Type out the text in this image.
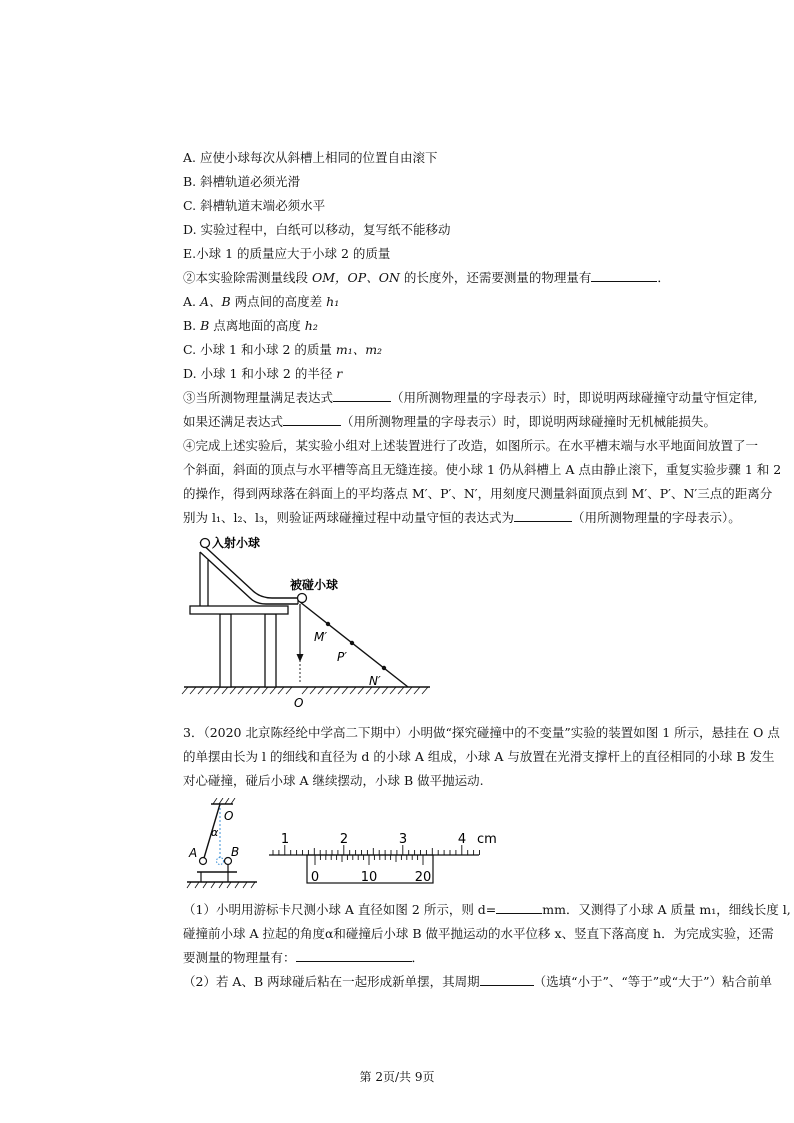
A. 应使小球每次从斜槽上相同的位置自由滚下
B. 斜槽轨道必须光滑
C. 斜槽轨道末端必须水平
D. 实验过程中，白纸可以移动，复写纸不能移动
E.小球 1 的质量应大于小球 2 的质量
②本实验除需测量线段 OM，OP、ON 的长度外，还需要测量的物理量有	．
A. A、B 两点间的高度差 h₁
B. B 点离地面的高度 h₂
C. 小球 1 和小球 2 的质量 m₁、m₂
D. 小球 1 和小球 2 的半径 r
③当所测物理量满足表达式	（用所测物理量的字母表示）时，即说明两球碰撞守动量守恒定律,
如果还满足表达式	（用所测物理量的字母表示）时，即说明两球碰撞时无机械能损失。
④完成上述实验后，某实验小组对上述装置进行了改造，如图所示。在水平槽末端与水平地面间放置了一
个斜面，斜面的顶点与水平槽等高且无缝连接。使小球 1 仍从斜槽上 A 点由静止滚下，重复实验步骤 1 和 2
的操作，得到两球落在斜面上的平均落点 M′、P′、N′，用刻度尺测量斜面顶点到 M′、P′、N′三点的距离分
别为 l₁、l₂、l₃，则验证两球碰撞过程中动量守恒的表达式为	（用所测物理量的字母表示）。
入射小球
被碰小球
M′
P′
N′
O
3．（2020 北京陈经纶中学高二下期中）小明做“探究碰撞中的不变量”实验的装置如图 1 所示，悬挂在 O 点
的单摆由长为 l 的细线和直径为 d 的小球 A 组成，小球 A 与放置在光滑支撑杆上的直径相同的小球 B 发生
对心碰撞，碰后小球 A 继续摆动，小球 B 做平抛运动.
O
α
A	B
1	2	3	4 cm
0	10	20
（1）小明用游标卡尺测小球 A 直径如图 2 所示，则 d=	mm．又测得了小球 A 质量 m₁，细线长度 l,
碰撞前小球 A 拉起的角度α和碰撞后小球 B 做平抛运动的水平位移 x、竖直下落高度 h．为完成实验，还需
要测量的物理量有：	．
（2）若 A、B 两球碰后粘在一起形成新单摆，其周期	（选填“小于”、“等于”或“大于”）粘合前单
第 2页/共 9页
